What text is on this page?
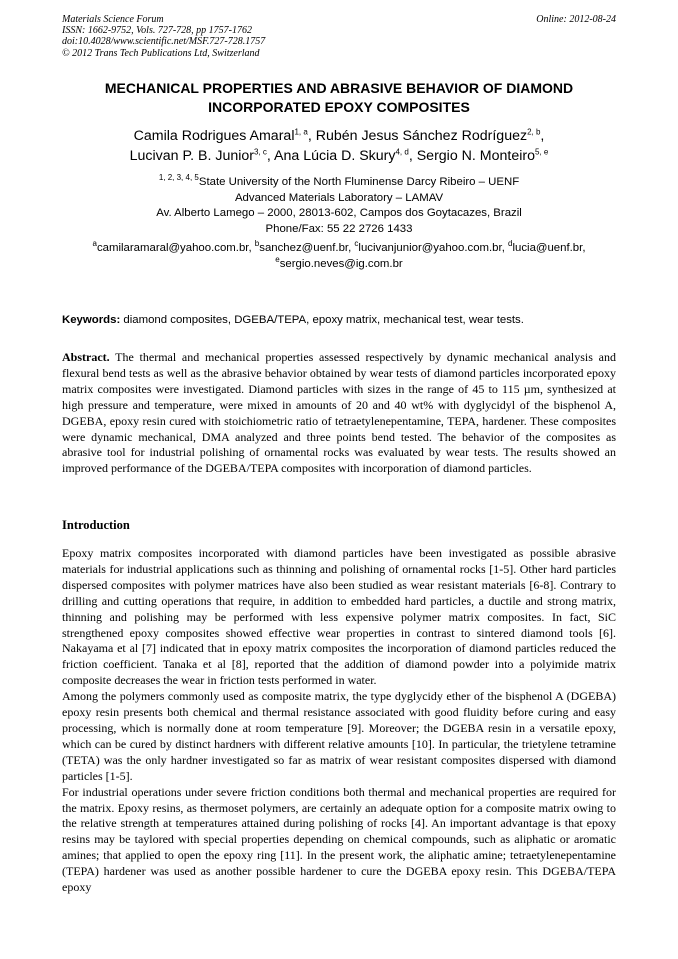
Materials Science Forum
ISSN: 1662-9752, Vols. 727-728, pp 1757-1762
doi:10.4028/www.scientific.net/MSF.727-728.1757
© 2012 Trans Tech Publications Ltd, Switzerland
Online: 2012-08-24
MECHANICAL PROPERTIES AND ABRASIVE BEHAVIOR OF DIAMOND
INCORPORATED EPOXY COMPOSITES
Camila Rodrigues Amaral$^{1, a}$, Rubén Jesus Sánchez Rodríguez$^{2, b}$,
Lucivan P. B. Junior$^{3, c}$, Ana Lúcia D. Skury$^{4, d}$, Sergio N. Monteiro$^{5, e}$
$^{1, 2, 3, 4, 5}$State University of the North Fluminense Darcy Ribeiro – UENF
Advanced Materials Laboratory – LAMAV
Av. Alberto Lamego – 2000, 28013-602, Campos dos Goytacazes, Brazil
Phone/Fax: 55 22 2726 1433
$^a$camilaramaral@yahoo.com.br, $^b$sanchez@uenf.br, $^c$lucivanjunior@yahoo.com.br, $^d$lucia@uenf.br,
$^e$sergio.neves@ig.com.br
Keywords: diamond composites, DGEBA/TEPA, epoxy matrix, mechanical test, wear tests.
Abstract. The thermal and mechanical properties assessed respectively by dynamic mechanical analysis and flexural bend tests as well as the abrasive behavior obtained by wear tests of diamond particles incorporated epoxy matrix composites were investigated. Diamond particles with sizes in the range of 45 to 115 µm, synthesized at high pressure and temperature, were mixed in amounts of 20 and 40 wt% with dyglycidyl of the bisphenol A, DGEBA, epoxy resin cured with stoichiometric ratio of tetraetylenepentamine, TEPA, hardener. These composites were dynamic mechanical, DMA analyzed and three points bend tested. The behavior of the composites as abrasive tool for industrial polishing of ornamental rocks was evaluated by wear tests. The results showed an improved performance of the DGEBA/TEPA composites with incorporation of diamond particles.
Introduction

Epoxy matrix composites incorporated with diamond particles have been investigated as possible abrasive materials for industrial applications such as thinning and polishing of ornamental rocks [1-5]. Other hard particles dispersed composites with polymer matrices have also been studied as wear resistant materials [6-8]. Contrary to drilling and cutting operations that require, in addition to embedded hard particles, a ductile and strong matrix, thinning and polishing may be performed with less expensive polymer matrix composites. In fact, SiC strengthened epoxy composites showed effective wear properties in contrast to sintered diamond tools [6]. Nakayama et al [7] indicated that in epoxy matrix composites the incorporation of diamond particles reduced the friction coefficient. Tanaka et al [8], reported that the addition of diamond powder into a polyimide matrix composite decreases the wear in friction tests performed in water.

Among the polymers commonly used as composite matrix, the type dyglycidy ether of the bisphenol A (DGEBA) epoxy resin presents both chemical and thermal resistance associated with good fluidity before curing and easy processing, which is normally done at room temperature [9]. Moreover; the DGEBA resin in a versatile epoxy, which can be cured by distinct hardners with different relative amounts [10]. In particular, the trietylene tetramine (TETA) was the only hardner investigated so far as matrix of wear resistant composites dispersed with diamond particles [1-5].

For industrial operations under severe friction conditions both thermal and mechanical properties are required for the matrix. Epoxy resins, as thermoset polymers, are certainly an adequate option for a composite matrix owing to the relative strength at temperatures attained during polishing of rocks [4]. An important advantage is that epoxy resins may be taylored with special properties depending on chemical compounds, such as aliphatic or aromatic amines; that applied to open the epoxy ring [11]. In the present work, the aliphatic amine; tetraetylenepentamine (TEPA) hardener was used as another possible hardener to cure the DGEBA epoxy resin. This DGEBA/TEPA epoxy
